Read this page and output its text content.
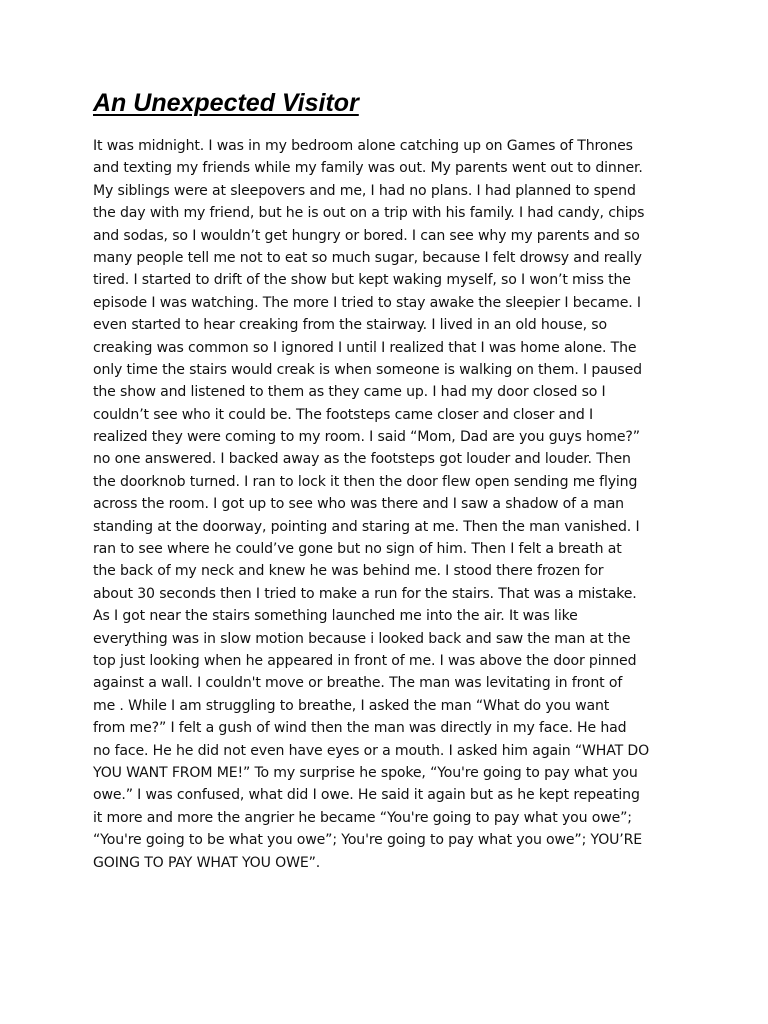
An Unexpected Visitor
It was midnight. I was in my bedroom alone catching up on Games of Thrones
and texting my friends while my family was out. My parents went out to dinner.
My siblings were at sleepovers and me, I had no plans. I had planned to spend
the day with my friend, but he is out on a trip with his family. I had candy, chips
and sodas, so I wouldn’t get hungry or bored. I can see why my parents and so
many people tell me not to eat so much sugar, because I felt drowsy and really
tired. I started to drift of the show but kept waking myself, so I won’t miss the
episode I was watching. The more I tried to stay awake the sleepier I became. I
even started to hear creaking from the stairway. I lived in an old house, so
creaking was common so I ignored I until I realized that I was home alone. The
only time the stairs would creak is when someone is walking on them. I paused
the show and listened to them as they came up. I had my door closed so I
couldn’t see who it could be. The footsteps came closer and closer and I
realized they were coming to my room. I said “Mom, Dad are you guys home?”
no one answered. I backed away as the footsteps got louder and louder. Then
the doorknob turned. I ran to lock it then the door flew open sending me flying
across the room. I got up to see who was there and I saw a shadow of a man
standing at the doorway, pointing and staring at me. Then the man vanished. I
ran to see where he could’ve gone but no sign of him. Then I felt a breath at
the back of my neck and knew he was behind me. I stood there frozen for
about 30 seconds then I tried to make a run for the stairs. That was a mistake.
As I got near the stairs something launched me into the air. It was like
everything was in slow motion because i looked back and saw the man at the
top just looking when he appeared in front of me. I was above the door pinned
against a wall. I couldn't move or breathe. The man was levitating in front of
me . While I am struggling to breathe, I asked the man “What do you want
from me?” I felt a gush of wind then the man was directly in my face. He had
no face. He he did not even have eyes or a mouth. I asked him again “WHAT DO
YOU WANT FROM ME!” To my surprise he spoke, “You're going to pay what you
owe.” I was confused, what did I owe. He said it again but as he kept repeating
it more and more the angrier he became “You're going to pay what you owe”;
“You're going to be what you owe”; You're going to pay what you owe”; YOU’RE
GOING TO PAY WHAT YOU OWE”.
